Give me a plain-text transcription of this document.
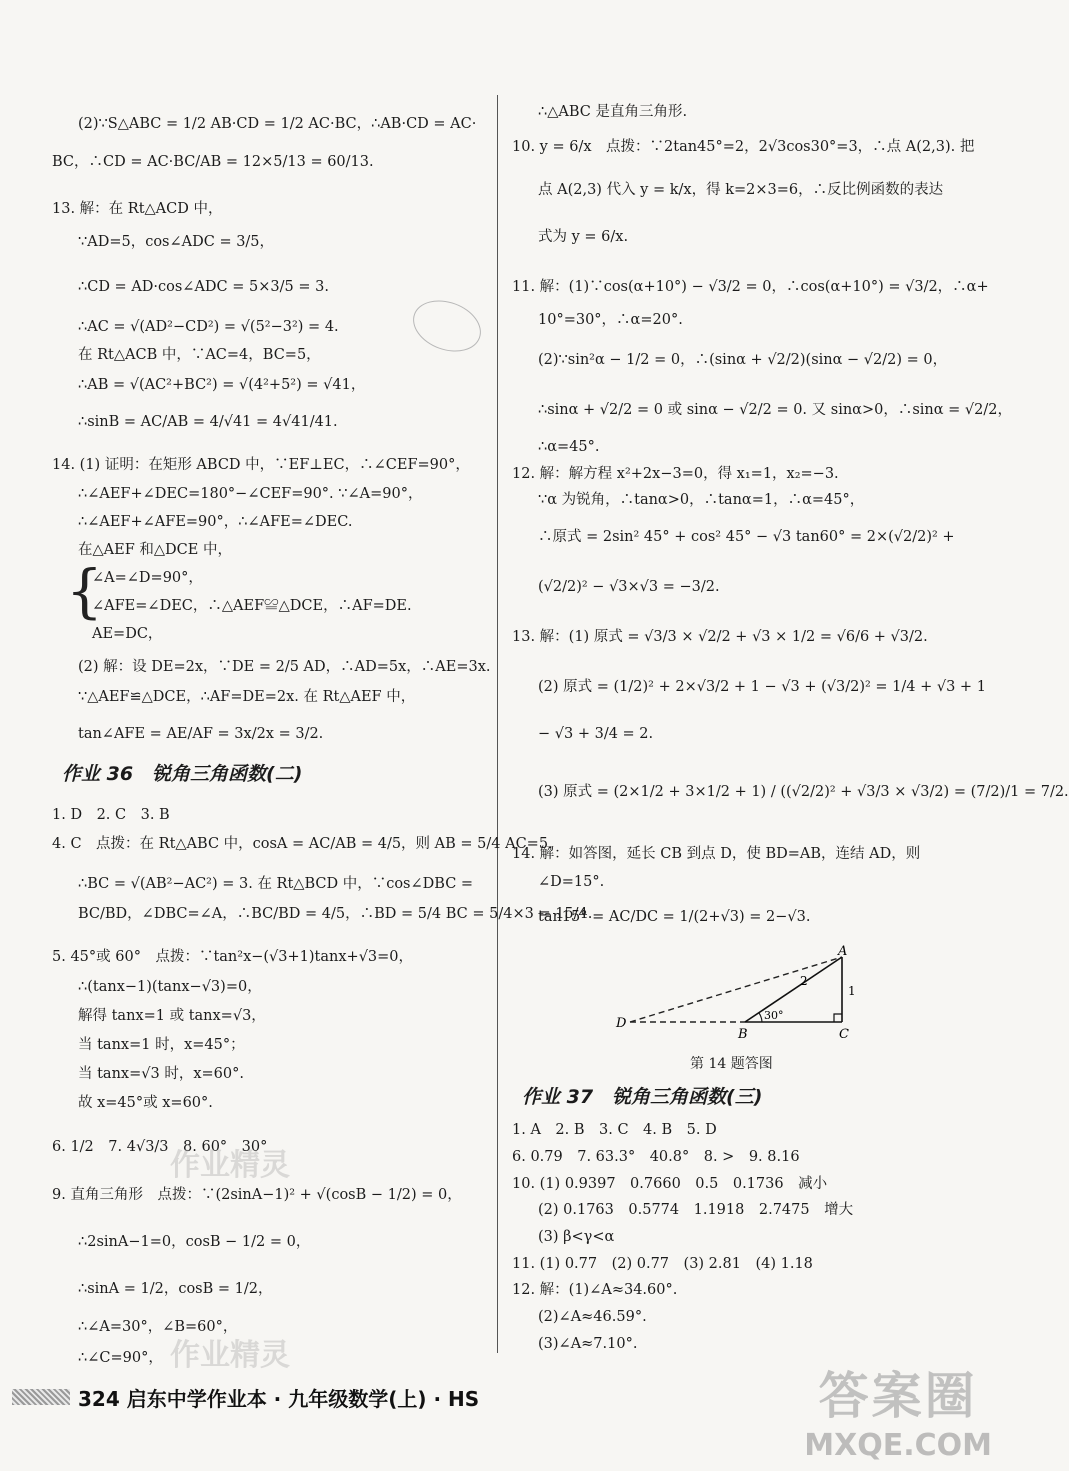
(2)∵S△ABC = 1/2 AB·CD = 1/2 AC·BC，∴AB·CD = AC·
BC，∴CD = AC·BC/AB = 12×5/13 = 60/13.
13. 解：在 Rt△ACD 中，
∵AD=5，cos∠ADC = 3/5，
∴CD = AD·cos∠ADC = 5×3/5 = 3.
∴AC = √(AD²−CD²) = √(5²−3²) = 4.
在 Rt△ACB 中，∵AC=4，BC=5，
∴AB = √(AC²+BC²) = √(4²+5²) = √41，
∴sinB = AC/AB = 4/√41 = 4√41/41.
14. (1) 证明：在矩形 ABCD 中，∵EF⊥EC，∴∠CEF=90°，
∴∠AEF+∠DEC=180°−∠CEF=90°. ∵∠A=90°，
∴∠AEF+∠AFE=90°，∴∠AFE=∠DEC.
在△AEF 和△DCE 中，
{
∠A=∠D=90°，
∠AFE=∠DEC，∴△AEF≌△DCE，∴AF=DE.
AE=DC，
(2) 解：设 DE=2x，∵DE = 2/5 AD，∴AD=5x，∴AE=3x.
∵△AEF≌△DCE，∴AF=DE=2x. 在 Rt△AEF 中，
tan∠AFE = AE/AF = 3x/2x = 3/2.
作业 36　锐角三角函数(二)
1. D　2. C　3. B
4. C　点拨：在 Rt△ABC 中，cosA = AC/AB = 4/5，则 AB = 5/4 AC=5，
∴BC = √(AB²−AC²) = 3. 在 Rt△BCD 中，∵cos∠DBC =
BC/BD，∠DBC=∠A，∴BC/BD = 4/5，∴BD = 5/4 BC = 5/4×3 = 15/4.
5. 45°或 60°　点拨：∵tan²x−(√3+1)tanx+√3=0，
∴(tanx−1)(tanx−√3)=0，
解得 tanx=1 或 tanx=√3，
当 tanx=1 时，x=45°；
当 tanx=√3 时，x=60°.
故 x=45°或 x=60°.
6. 1/2　7. 4√3/3　8. 60°　30°
9. 直角三角形　点拨：∵(2sinA−1)² + √(cosB − 1/2) = 0，
∴2sinA−1=0，cosB − 1/2 = 0，
∴sinA = 1/2，cosB = 1/2，
∴∠A=30°，∠B=60°，
∴∠C=90°，
∴△ABC 是直角三角形.
10. y = 6/x　点拨：∵2tan45°=2，2√3cos30°=3，∴点 A(2,3). 把
点 A(2,3) 代入 y = k/x，得 k=2×3=6，∴反比例函数的表达
式为 y = 6/x.
11. 解：(1)∵cos(α+10°) − √3/2 = 0，∴cos(α+10°) = √3/2，∴α+
10°=30°，∴α=20°.
(2)∵sin²α − 1/2 = 0，∴(sinα + √2/2)(sinα − √2/2) = 0，
∴sinα + √2/2 = 0 或 sinα − √2/2 = 0. 又 sinα>0，∴sinα = √2/2，
∴α=45°.
12. 解：解方程 x²+2x−3=0，得 x₁=1，x₂=−3.
∵α 为锐角，∴tanα>0，∴tanα=1，∴α=45°，
∴原式 = 2sin² 45° + cos² 45° − √3 tan60° = 2×(√2/2)² +
(√2/2)² − √3×√3 = −3/2.
13. 解：(1) 原式 = √3/3 × √2/2 + √3 × 1/2 = √6/6 + √3/2.
(2) 原式 = (1/2)² + 2×√3/2 + 1 − √3 + (√3/2)² = 1/4 + √3 + 1
− √3 + 3/4 = 2.
(3) 原式 = (2×1/2 + 3×1/2 + 1) / ((√2/2)² + √3/3 × √3/2) = (7/2)/1 = 7/2.
14. 解：如答图，延长 CB 到点 D，使 BD=AB，连结 AD，则
∠D=15°.
tan15° = AC/DC = 1/(2+√3) = 2−√3.
作业 37　锐角三角函数(三)
1. A　2. B　3. C　4. B　5. D
6. 0.79　7. 63.3°　40.8°　8. >　9. 8.16
10. (1) 0.9397　0.7660　0.5　0.1736　减小
(2) 0.1763　0.5774　1.1918　2.7475　增大
(3) β<γ<α
11. (1) 0.77　(2) 0.77　(3) 2.81　(4) 1.18
12. 解：(1)∠A≈34.60°.
(2)∠A≈46.59°.
(3)∠A≈7.10°.
A
B	C
D
2
1
30°
第 14 题答图
作业精灵
作业精灵
324 启东中学作业本 · 九年级数学(上) · HS	答案圈
MXQE.COM
